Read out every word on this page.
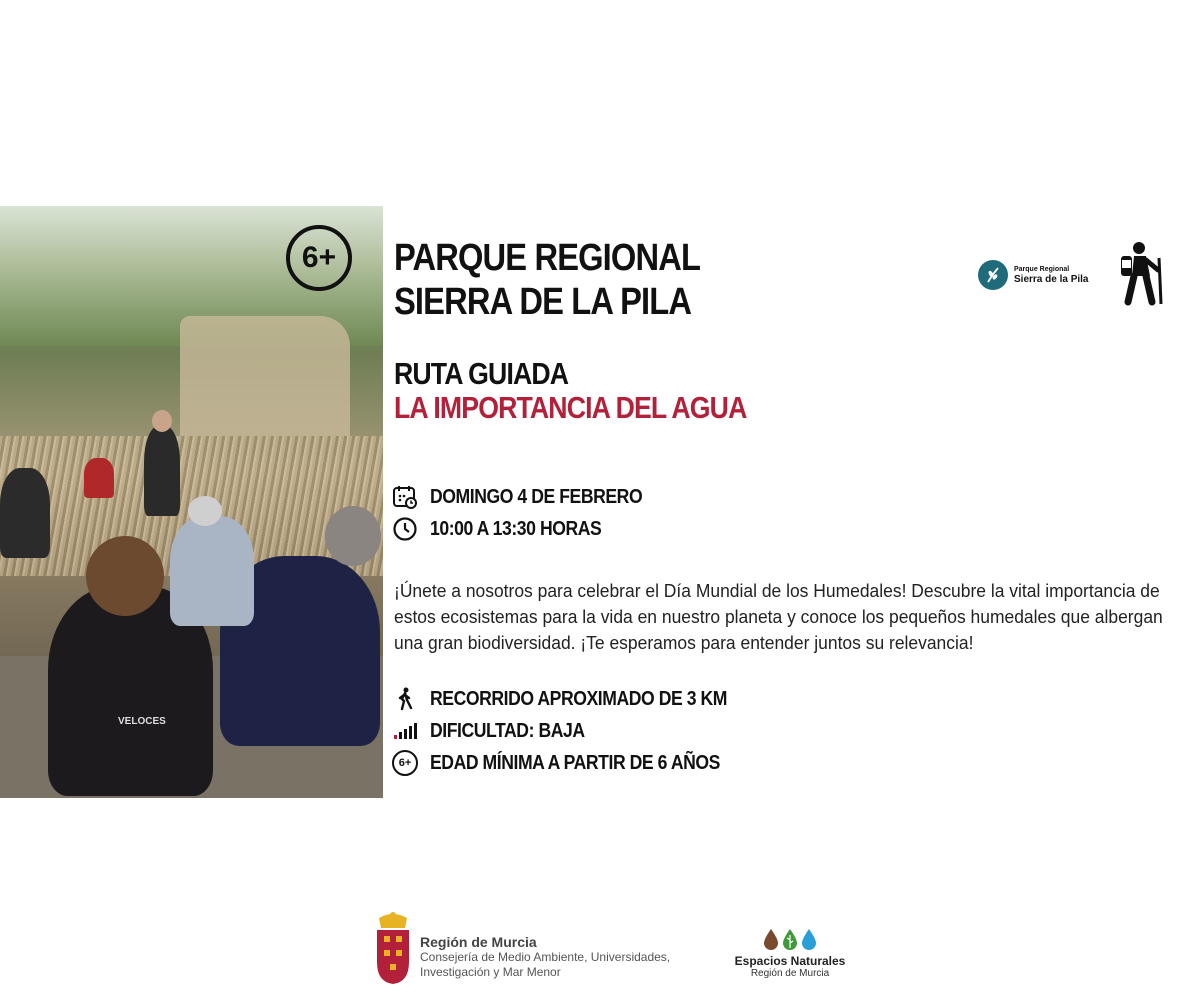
VELOCES
6+	PARQUE REGIONAL
SIERRA DE LA PILA
RUTA GUIADA
LA IMPORTANCIA DEL AGUA
DOMINGO 4 DE FEBRERO
10:00 A 13:30 HORAS
¡Únete a nosotros para celebrar el Día Mundial de los Humedales! Descubre la vital importancia de estos ecosistemas para la vida en nuestro planeta y conoce los pequeños humedales que albergan una gran biodiversidad. ¡Te esperamos para entender juntos su relevancia!
RECORRIDO APROXIMADO DE 3 KM
DIFICULTAD: BAJA
6+ EDAD MÍNIMA A PARTIR DE 6 AÑOS
Parque Regional
Sierra de la Pila
Región de Murcia
Consejería de Medio Ambiente, Universidades,
Investigación y Mar Menor
Espacios Naturales
Región de Murcia
